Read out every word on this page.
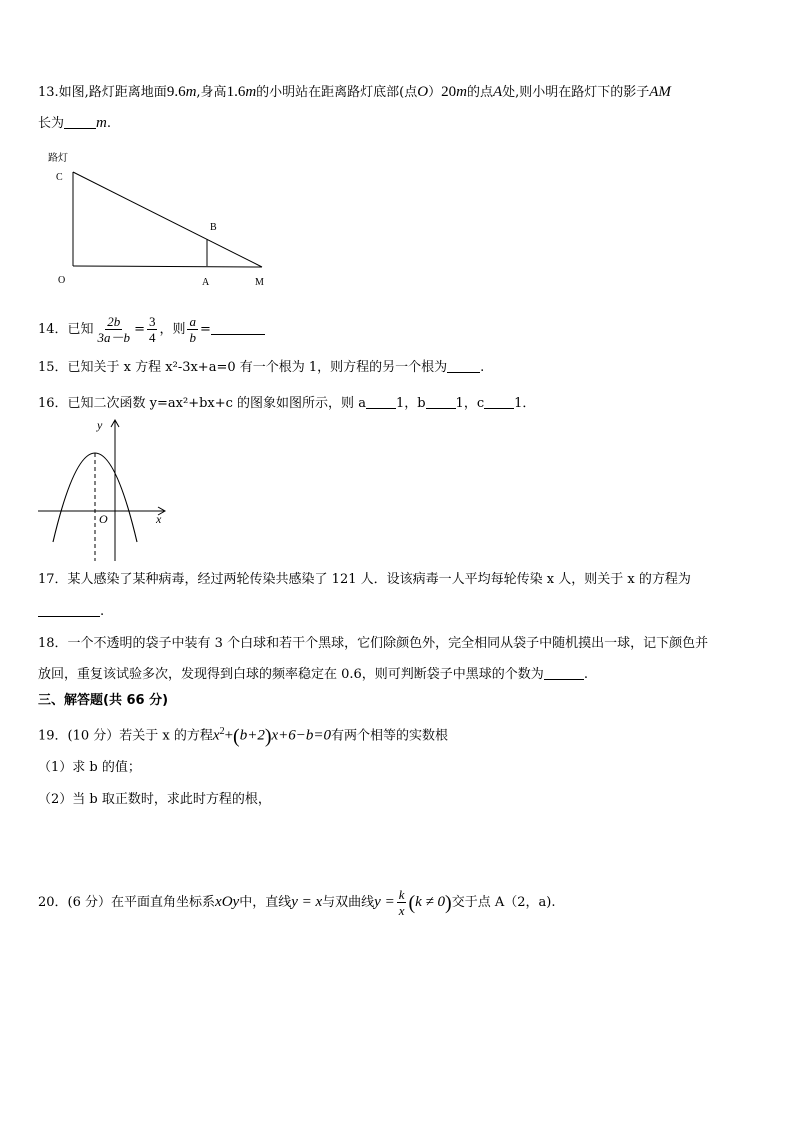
13.如图,路灯距离地面9.6m,身高1.6m的小明站在距离路灯底部(点O）20m的点A处,则小明在路灯下的影子AM
长为 m.
路灯
C
B
O	A	M
14．已知 $\frac{2b}{3a-b} = \frac{3}{4}$ ，则 $\frac{a}{b}$ =
15．已知关于 x 方程 x²-3x+a=0 有一个根为 1，则方程的另一个根为	.
16．已知二次函数 y=ax²+bx+c 的图象如图所示，则 a 1，b 1，c 1．
y
x
O
17．某人感染了某种病毒，经过两轮传染共感染了 121 人．设该病毒一人平均每轮传染 x 人，则关于 x 的方程为
.
18．一个不透明的袋子中装有 3 个白球和若干个黑球，它们除颜色外，完全相同从袋子中随机摸出一球，记下颜色并
放回，重复该试验多次，发现得到白球的频率稳定在 0.6，则可判断袋子中黑球的个数为	.
三、解答题(共 66 分)
19．(10 分）若关于 x 的方程$x^2+(b+2)x+6-b=0$有两个相等的实数根
（1）求 b 的值；
（2）当 b 取正数时，求此时方程的根，
20．(6 分）在平面直角坐标系xOy中，直线y = x与双曲线$y = \frac{k}{x} (k \ne 0)$交于点 A（2，a).
